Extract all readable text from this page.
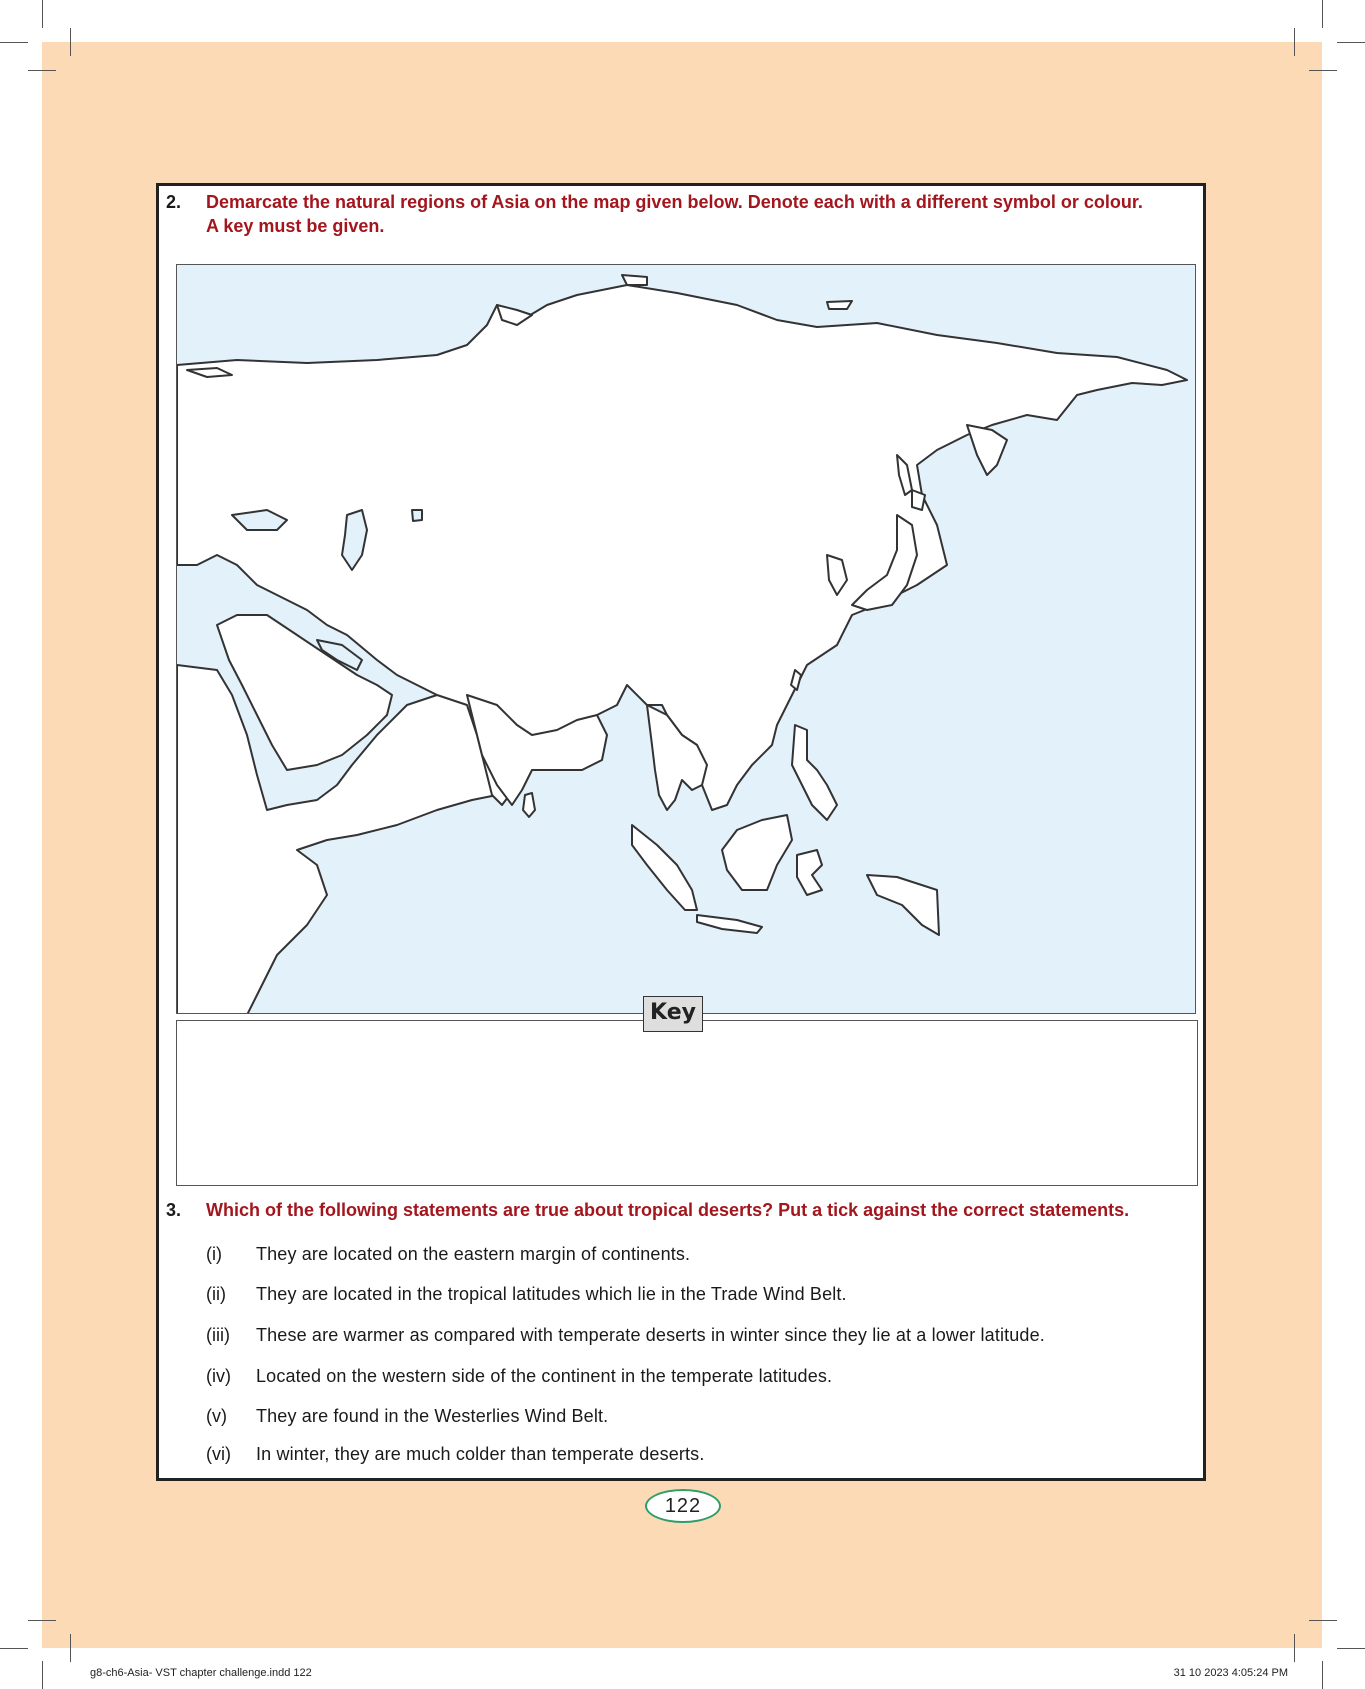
2. Demarcate the natural regions of Asia on the map given below. Denote each with a different symbol or colour.
A key must be given.
Key
3. Which of the following statements are true about tropical deserts? Put a tick against the correct statements.
(i)	They are located on the eastern margin of continents.
(ii)	They are located in the tropical latitudes which lie in the Trade Wind Belt.
(iii)	These are warmer as compared with temperate deserts in winter since they lie at a lower latitude.
(iv)	Located on the western side of the continent in the temperate latitudes.
(v)	They are found in the Westerlies Wind Belt.
(vi)	In winter, they are much colder than temperate deserts.
122
g8-ch6-Asia- VST chapter challenge.indd 122	31 10 2023 4:05:24 PM
